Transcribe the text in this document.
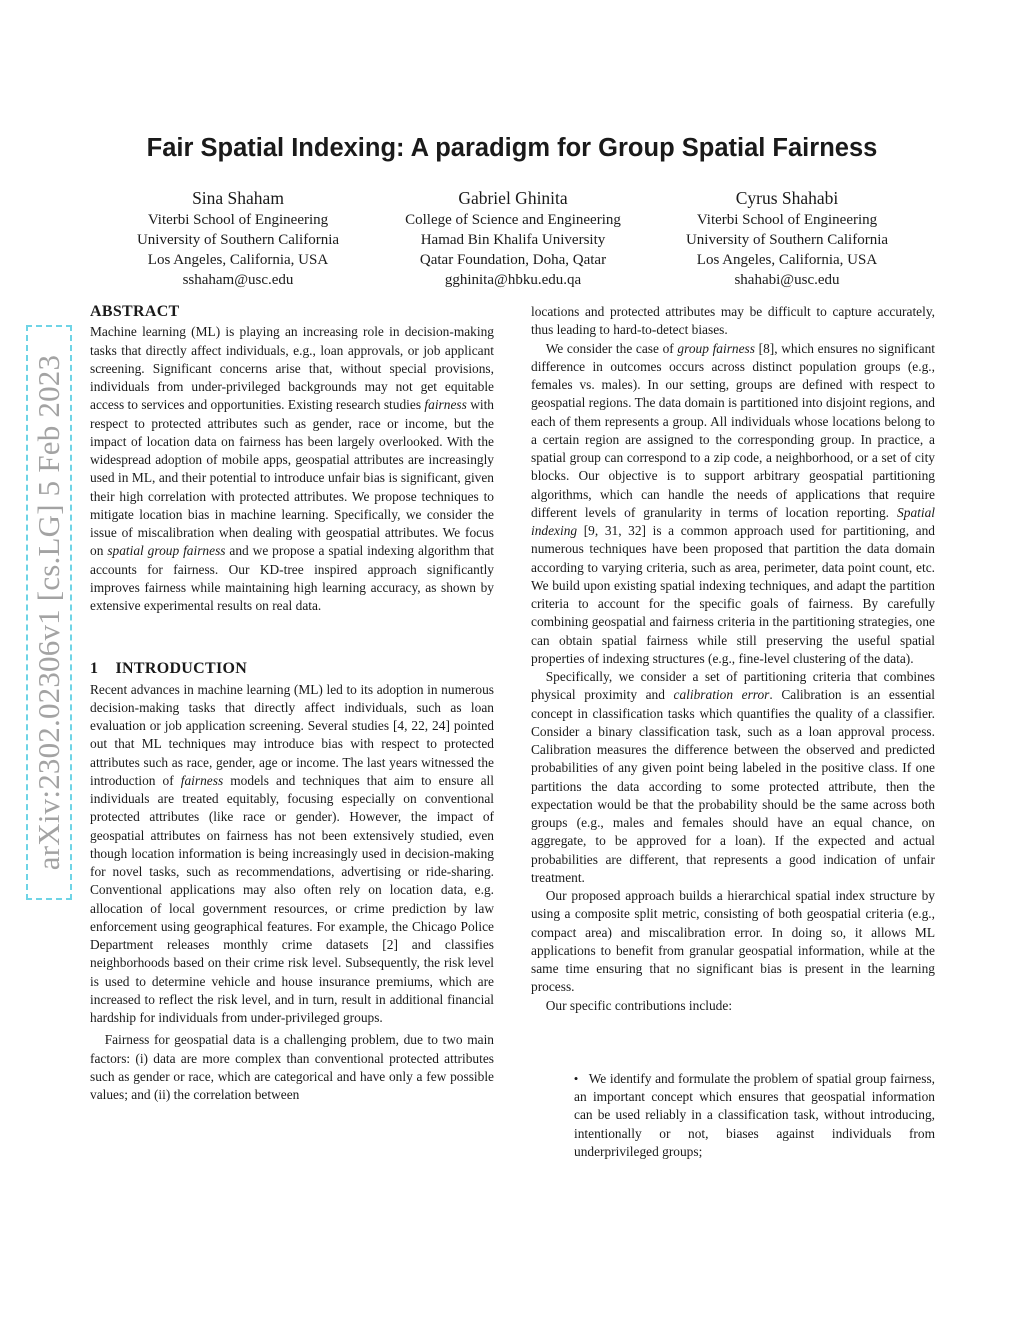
arXiv:2302.02306v1 [cs.LG] 5 Feb 2023
Fair Spatial Indexing: A paradigm for Group Spatial Fairness
Sina Shaham
Viterbi School of Engineering
University of Southern California
Los Angeles, California, USA
sshaham@usc.edu
Gabriel Ghinita
College of Science and Engineering
Hamad Bin Khalifa University
Qatar Foundation, Doha, Qatar
gghinita@hbku.edu.qa
Cyrus Shahabi
Viterbi School of Engineering
University of Southern California
Los Angeles, California, USA
shahabi@usc.edu
ABSTRACT

Machine learning (ML) is playing an increasing role in decision-making tasks that directly affect individuals, e.g., loan approvals, or job applicant screening. Significant concerns arise that, without special provisions, individuals from under-privileged backgrounds may not get equitable access to services and opportunities. Existing research studies fairness with respect to protected attributes such as gender, race or income, but the impact of location data on fairness has been largely overlooked. With the widespread adoption of mobile apps, geospatial attributes are increasingly used in ML, and their potential to introduce unfair bias is significant, given their high correlation with protected attributes. We propose techniques to mitigate location bias in machine learning. Specifically, we consider the issue of miscalibration when dealing with geospatial attributes. We focus on spatial group fairness and we propose a spatial indexing algorithm that accounts for fairness. Our KD-tree inspired approach significantly improves fairness while maintaining high learning accuracy, as shown by extensive experimental results on real data.

1    INTRODUCTION

Recent advances in machine learning (ML) led to its adoption in numerous decision-making tasks that directly affect individuals, such as loan evaluation or job application screening. Several studies [4, 22, 24] pointed out that ML techniques may introduce bias with respect to protected attributes such as race, gender, age or income. The last years witnessed the introduction of fairness models and techniques that aim to ensure all individuals are treated equitably, focusing especially on conventional protected attributes (like race or gender). However, the impact of geospatial attributes on fairness has not been extensively studied, even though location information is being increasingly used in decision-making for novel tasks, such as recommendations, advertising or ride-sharing. Conventional applications may also often rely on location data, e.g. allocation of local government resources, or crime prediction by law enforcement using geographical features. For example, the Chicago Police Department releases monthly crime datasets [2] and classifies neighborhoods based on their crime risk level. Subsequently, the risk level is used to determine vehicle and house insurance premiums, which are increased to reflect the risk level, and in turn, result in additional financial hardship for individuals from under-privileged groups.

Fairness for geospatial data is a challenging problem, due to two main factors: (i) data are more complex than conventional protected attributes such as gender or race, which are categorical and have only a few possible values; and (ii) the correlation between

locations and protected attributes may be difficult to capture accurately, thus leading to hard-to-detect biases.

We consider the case of group fairness [8], which ensures no significant difference in outcomes occurs across distinct population groups (e.g., females vs. males). In our setting, groups are defined with respect to geospatial regions. The data domain is partitioned into disjoint regions, and each of them represents a group. All individuals whose locations belong to a certain region are assigned to the corresponding group. In practice, a spatial group can correspond to a zip code, a neighborhood, or a set of city blocks. Our objective is to support arbitrary geospatial partitioning algorithms, which can handle the needs of applications that require different levels of granularity in terms of location reporting. Spatial indexing [9, 31, 32] is a common approach used for partitioning, and numerous techniques have been proposed that partition the data domain according to varying criteria, such as area, perimeter, data point count, etc. We build upon existing spatial indexing techniques, and adapt the partition criteria to account for the specific goals of fairness. By carefully combining geospatial and fairness criteria in the partitioning strategies, one can obtain spatial fairness while still preserving the useful spatial properties of indexing structures (e.g., fine-level clustering of the data).

Specifically, we consider a set of partitioning criteria that combines physical proximity and calibration error. Calibration is an essential concept in classification tasks which quantifies the quality of a classifier. Consider a binary classification task, such as a loan approval process. Calibration measures the difference between the observed and predicted probabilities of any given point being labeled in the positive class. If one partitions the data according to some protected attribute, then the expectation would be that the probability should be the same across both groups (e.g., males and females should have an equal chance, on aggregate, to be approved for a loan). If the expected and actual probabilities are different, that represents a good indication of unfair treatment.

Our proposed approach builds a hierarchical spatial index structure by using a composite split metric, consisting of both geospatial criteria (e.g., compact area) and miscalibration error. In doing so, it allows ML applications to benefit from granular geospatial information, while at the same time ensuring that no significant bias is present in the learning process.

Our specific contributions include:

• We identify and formulate the problem of spatial group fairness, an important concept which ensures that geospatial information can be used reliably in a classification task, without introducing, intentionally or not, biases against individuals from underprivileged groups;
